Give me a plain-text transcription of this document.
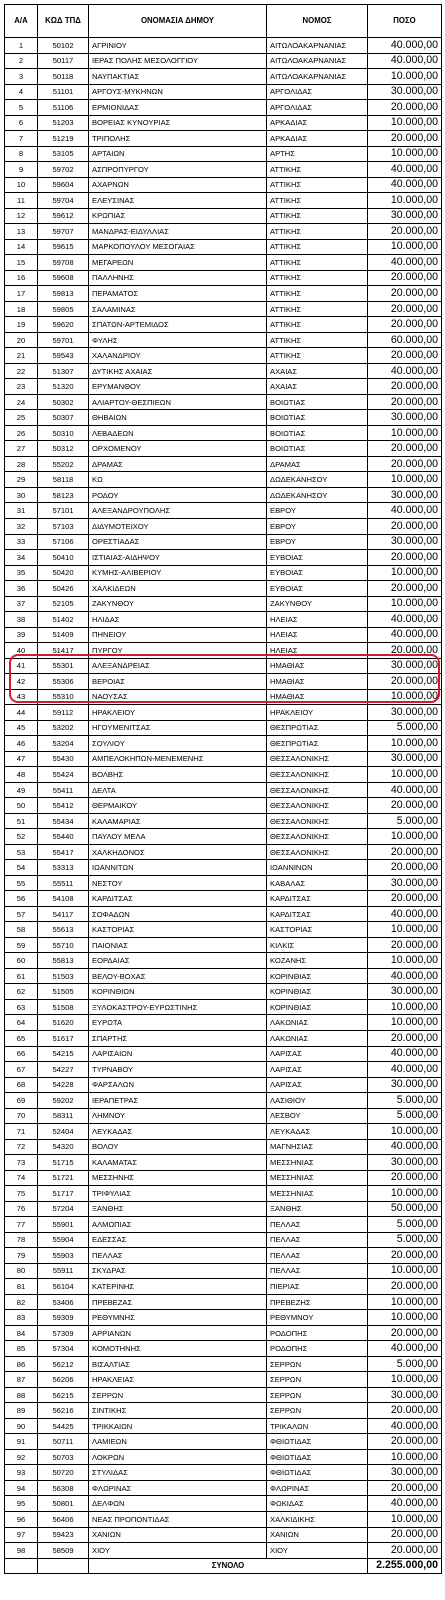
Α/Α	ΚΩΔ ΤΠΔ	ΟΝΟΜΑΣΙΑ ΔΗΜΟΥ	ΝΟΜΟΣ	ΠΟΣΟ
1	50102	ΑΓΡΙΝΙΟΥ	ΑΙΤΩΛΟΑΚΑΡΝΑΝΙΑΣ	40.000,00
2	50117	ΙΕΡΑΣ ΠΟΛΗΣ ΜΕΣΟΛΟΓΓΙΟΥ	ΑΙΤΩΛΟΑΚΑΡΝΑΝΙΑΣ	40.000,00
3	50118	ΝΑΥΠΑΚΤΙΑΣ	ΑΙΤΩΛΟΑΚΑΡΝΑΝΙΑΣ	10.000,00
4	51101	ΑΡΓΟΥΣ-ΜΥΚΗΝΩΝ	ΑΡΓΟΛΙΔΑΣ	30.000,00
5	51106	ΕΡΜΙΟΝΙΔΑΣ	ΑΡΓΟΛΙΔΑΣ	20.000,00
6	51203	ΒΟΡΕΙΑΣ ΚΥΝΟΥΡΙΑΣ	ΑΡΚΑΔΙΑΣ	10.000,00
7	51219	ΤΡΙΠΟΛΗΣ	ΑΡΚΑΔΙΑΣ	20.000,00
8	53105	ΑΡΤΑΙΩΝ	ΑΡΤΗΣ	10.000,00
9	59702	ΑΣΠΡΟΠΥΡΓΟΥ	ΑΤΤΙΚΗΣ	40.000,00
10	59604	ΑΧΑΡΝΩΝ	ΑΤΤΙΚΗΣ	40.000,00
11	59704	ΕΛΕΥΣΙΝΑΣ	ΑΤΤΙΚΗΣ	10.000,00
12	59612	ΚΡΩΠΙΑΣ	ΑΤΤΙΚΗΣ	30.000,00
13	59707	ΜΑΝΔΡΑΣ-ΕΙΔΥΛΛΙΑΣ	ΑΤΤΙΚΗΣ	20.000,00
14	59615	ΜΑΡΚΟΠΟΥΛΟΥ ΜΕΣΟΓΑΙΑΣ	ΑΤΤΙΚΗΣ	10.000,00
15	59708	ΜΕΓΑΡΕΩΝ	ΑΤΤΙΚΗΣ	40.000,00
16	59608	ΠΑΛΛΗΝΗΣ	ΑΤΤΙΚΗΣ	20.000,00
17	59813	ΠΕΡΑΜΑΤΟΣ	ΑΤΤΙΚΗΣ	20.000,00
18	59805	ΣΑΛΑΜΙΝΑΣ	ΑΤΤΙΚΗΣ	20.000,00
19	59620	ΣΠΑΤΩΝ-ΑΡΤΕΜΙΔΟΣ	ΑΤΤΙΚΗΣ	20.000,00
20	59701	ΦΥΛΗΣ	ΑΤΤΙΚΗΣ	60.000,00
21	59543	ΧΑΛΑΝΔΡΙΟΥ	ΑΤΤΙΚΗΣ	20.000,00
22	51307	ΔΥΤΙΚΗΣ ΑΧΑΙΑΣ	ΑΧΑΙΑΣ	40.000,00
23	51320	ΕΡΥΜΑΝΘΟΥ	ΑΧΑΙΑΣ	20.000,00
24	50302	ΑΛΙΑΡΤΟΥ-ΘΕΣΠΙΕΩΝ	ΒΟΙΩΤΙΑΣ	20.000,00
25	50307	ΘΗΒΑΙΩΝ	ΒΟΙΩΤΙΑΣ	30.000,00
26	50310	ΛΕΒΑΔΕΩΝ	ΒΟΙΩΤΙΑΣ	10.000,00
27	50312	ΟΡΧΟΜΕΝΟΥ	ΒΟΙΩΤΙΑΣ	20.000,00
28	55202	ΔΡΑΜΑΣ	ΔΡΑΜΑΣ	20.000,00
29	58118	ΚΩ	ΔΩΔΕΚΑΝΗΣΟΥ	10.000,00
30	58123	ΡΟΔΟΥ	ΔΩΔΕΚΑΝΗΣΟΥ	30.000,00
31	57101	ΑΛΕΞΑΝΔΡΟΥΠΟΛΗΣ	ΕΒΡΟΥ	40.000,00
32	57103	ΔΙΔΥΜΟΤΕΙΧΟΥ	ΕΒΡΟΥ	20.000,00
33	57106	ΟΡΕΣΤΙΑΔΑΣ	ΕΒΡΟΥ	30.000,00
34	50410	ΙΣΤΙΑΙΑΣ-ΑΙΔΗΨΟΥ	ΕΥΒΟΙΑΣ	20.000,00
35	50420	ΚΥΜΗΣ-ΑΛΙΒΕΡΙΟΥ	ΕΥΒΟΙΑΣ	10.000,00
36	50426	ΧΑΛΚΙΔΕΩΝ	ΕΥΒΟΙΑΣ	20.000,00
37	52105	ΖΑΚΥΝΘΟΥ	ΖΑΚΥΝΘΟΥ	10.000,00
38	51402	ΗΛΙΔΑΣ	ΗΛΕΙΑΣ	40.000,00
39	51409	ΠΗΝΕΙΟΥ	ΗΛΕΙΑΣ	40.000,00
40	51417	ΠΥΡΓΟΥ	ΗΛΕΙΑΣ	20.000,00
41	55301	ΑΛΕΞΑΝΔΡΕΙΑΣ	ΗΜΑΘΙΑΣ	30.000,00
42	55306	ΒΕΡΟΙΑΣ	ΗΜΑΘΙΑΣ	20.000,00
43	55310	ΝΑΟΥΣΑΣ	ΗΜΑΘΙΑΣ	10.000,00
44	59112	ΗΡΑΚΛΕΙΟΥ	ΗΡΑΚΛΕΙΟΥ	30.000,00
45	53202	ΗΓΟΥΜΕΝΙΤΣΑΣ	ΘΕΣΠΡΩΤΙΑΣ	5.000,00
46	53204	ΣΟΥΛΙΟΥ	ΘΕΣΠΡΩΤΙΑΣ	10.000,00
47	55430	ΑΜΠΕΛΟΚΗΠΩΝ-ΜΕΝΕΜΕΝΗΣ	ΘΕΣΣΑΛΟΝΙΚΗΣ	30.000,00
48	55424	ΒΟΛΒΗΣ	ΘΕΣΣΑΛΟΝΙΚΗΣ	10.000,00
49	55411	ΔΕΛΤΑ	ΘΕΣΣΑΛΟΝΙΚΗΣ	40.000,00
50	55412	ΘΕΡΜΑΙΚΟΥ	ΘΕΣΣΑΛΟΝΙΚΗΣ	20.000,00
51	55434	ΚΑΛΑΜΑΡΙΑΣ	ΘΕΣΣΑΛΟΝΙΚΗΣ	5.000,00
52	55440	ΠΑΥΛΟΥ ΜΕΛΑ	ΘΕΣΣΑΛΟΝΙΚΗΣ	10.000,00
53	55417	ΧΑΛΚΗΔΟΝΟΣ	ΘΕΣΣΑΛΟΝΙΚΗΣ	20.000,00
54	53313	ΙΩΑΝΝΙΤΩΝ	ΙΩΑΝΝΙΝΩΝ	20.000,00
55	55511	ΝΕΣΤΟΥ	ΚΑΒΑΛΑΣ	30.000,00
56	54108	ΚΑΡΔΙΤΣΑΣ	ΚΑΡΔΙΤΣΑΣ	20.000,00
57	54117	ΣΟΦΑΔΩΝ	ΚΑΡΔΙΤΣΑΣ	40.000,00
58	55613	ΚΑΣΤΟΡΙΑΣ	ΚΑΣΤΟΡΙΑΣ	10.000,00
59	55710	ΠΑΙΟΝΙΑΣ	ΚΙΛΚΙΣ	20.000,00
60	55813	ΕΟΡΔΑΙΑΣ	ΚΟΖΑΝΗΣ	10.000,00
61	51503	ΒΕΛΟΥ-ΒΟΧΑΣ	ΚΟΡΙΝΘΙΑΣ	40.000,00
62	51505	ΚΟΡΙΝΘΙΩΝ	ΚΟΡΙΝΘΙΑΣ	30.000,00
63	51508	ΞΥΛΟΚΑΣΤΡΟΥ-ΕΥΡΩΣΤΙΝΗΣ	ΚΟΡΙΝΘΙΑΣ	10.000,00
64	51620	ΕΥΡΩΤΑ	ΛΑΚΩΝΙΑΣ	10.000,00
65	51617	ΣΠΑΡΤΗΣ	ΛΑΚΩΝΙΑΣ	20.000,00
66	54215	ΛΑΡΙΣΑΙΩΝ	ΛΑΡΙΣΑΣ	40.000,00
67	54227	ΤΥΡΝΑΒΟΥ	ΛΑΡΙΣΑΣ	40.000,00
68	54228	ΦΑΡΣΑΛΩΝ	ΛΑΡΙΣΑΣ	30.000,00
69	59202	ΙΕΡΑΠΕΤΡΑΣ	ΛΑΣΙΘΙΟΥ	5.000,00
70	58311	ΛΗΜΝΟΥ	ΛΕΣΒΟΥ	5.000,00
71	52404	ΛΕΥΚΑΔΑΣ	ΛΕΥΚΑΔΑΣ	10.000,00
72	54320	ΒΟΛΟΥ	ΜΑΓΝΗΣΙΑΣ	40.000,00
73	51715	ΚΑΛΑΜΑΤΑΣ	ΜΕΣΣΗΝΙΑΣ	30.000,00
74	51721	ΜΕΣΣΗΝΗΣ	ΜΕΣΣΗΝΙΑΣ	20.000,00
75	51717	ΤΡΙΦΥΛΙΑΣ	ΜΕΣΣΗΝΙΑΣ	10.000,00
76	57204	ΞΑΝΘΗΣ	ΞΑΝΘΗΣ	50.000,00
77	55901	ΑΛΜΩΠΙΑΣ	ΠΕΛΛΑΣ	5.000,00
78	55904	ΕΔΕΣΣΑΣ	ΠΕΛΛΑΣ	5.000,00
79	55903	ΠΕΛΛΑΣ	ΠΕΛΛΑΣ	20.000,00
80	55911	ΣΚΥΔΡΑΣ	ΠΕΛΛΑΣ	10.000,00
81	56104	ΚΑΤΕΡΙΝΗΣ	ΠΙΕΡΙΑΣ	20.000,00
82	53406	ΠΡΕΒΕΖΑΣ	ΠΡΕΒΕΖΗΣ	10.000,00
83	59309	ΡΕΘΥΜΝΗΣ	ΡΕΘΥΜΝΟΥ	10.000,00
84	57309	ΑΡΡΙΑΝΩΝ	ΡΟΔΟΠΗΣ	20.000,00
85	57304	ΚΟΜΟΤΗΝΗΣ	ΡΟΔΟΠΗΣ	40.000,00
86	56212	ΒΙΣΑΛΤΙΑΣ	ΣΕΡΡΩΝ	5.000,00
87	56206	ΗΡΑΚΛΕΙΑΣ	ΣΕΡΡΩΝ	10.000,00
88	56215	ΣΕΡΡΩΝ	ΣΕΡΡΩΝ	30.000,00
89	56216	ΣΙΝΤΙΚΗΣ	ΣΕΡΡΩΝ	20.000,00
90	54425	ΤΡΙΚΚΑΙΩΝ	ΤΡΙΚΑΛΩΝ	40.000,00
91	50711	ΛΑΜΙΕΩΝ	ΦΘΙΩΤΙΔΑΣ	20.000,00
92	50703	ΛΟΚΡΩΝ	ΦΘΙΩΤΙΔΑΣ	10.000,00
93	50720	ΣΤΥΛΙΔΑΣ	ΦΘΙΩΤΙΔΑΣ	30.000,00
94	56308	ΦΛΩΡΙΝΑΣ	ΦΛΩΡΙΝΑΣ	20.000,00
95	50801	ΔΕΛΦΩΝ	ΦΩΚΙΔΑΣ	40.000,00
96	56406	ΝΕΑΣ ΠΡΟΠΟΝΤΙΔΑΣ	ΧΑΛΚΙΔΙΚΗΣ	10.000,00
97	59423	ΧΑΝΙΩΝ	ΧΑΝΙΩΝ	20.000,00
98	58509	ΧΙΟΥ	ΧΙΟΥ	20.000,00
		ΣΥΝΟΛΟ		2.255.000,00
